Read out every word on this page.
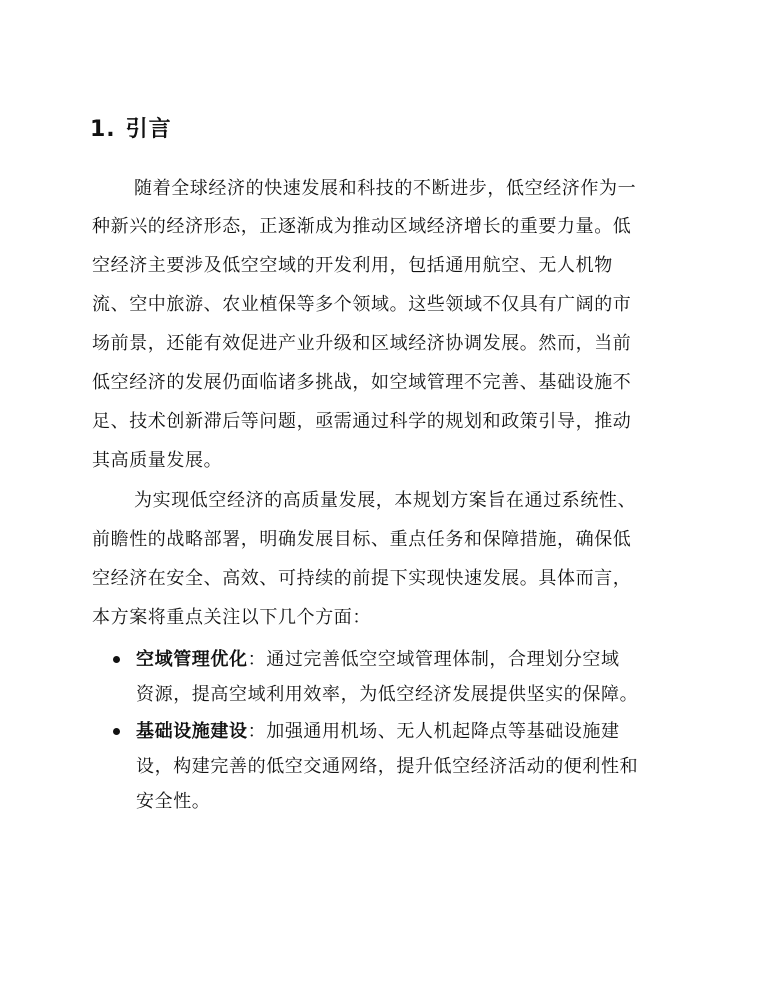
1. 引言
随着全球经济的快速发展和科技的不断进步，低空经济作为一
种新兴的经济形态，正逐渐成为推动区域经济增长的重要力量。低
空经济主要涉及低空空域的开发利用，包括通用航空、无人机物
流、空中旅游、农业植保等多个领域。这些领域不仅具有广阔的市
场前景，还能有效促进产业升级和区域经济协调发展。然而，当前
低空经济的发展仍面临诸多挑战，如空域管理不完善、基础设施不
足、技术创新滞后等问题，亟需通过科学的规划和政策引导，推动
其高质量发展。
为实现低空经济的高质量发展，本规划方案旨在通过系统性、
前瞻性的战略部署，明确发展目标、重点任务和保障措施，确保低
空经济在安全、高效、可持续的前提下实现快速发展。具体而言，
本方案将重点关注以下几个方面：
空域管理优化：通过完善低空空域管理体制，合理划分空域
资源，提高空域利用效率，为低空经济发展提供坚实的保障。
基础设施建设：加强通用机场、无人机起降点等基础设施建
设，构建完善的低空交通网络，提升低空经济活动的便利性和
安全性。
